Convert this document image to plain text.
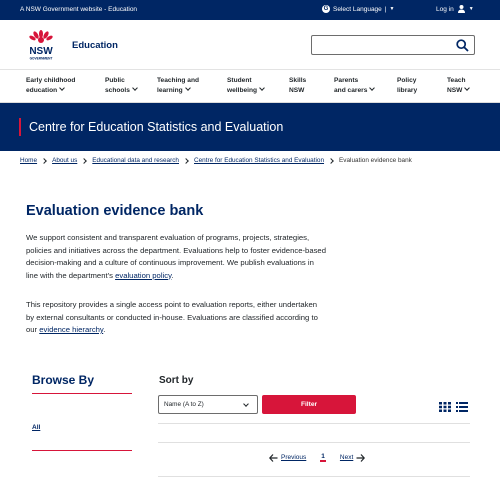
A NSW Government website - Education	G Select Language | ▼	Log in	▼
NSW
GOVERNMENT
Education
Early childhood
education
Public
schools
Teaching and
learning
Student
wellbeing
Skills
NSW
Parents
and carers
Policy
library
Teach
NSW
Centre for Education Statistics and Evaluation
Home About us Educational data and research Centre for Education Statistics and Evaluation Evaluation evidence bank
Evaluation evidence bank

We support consistent and transparent evaluation of programs, projects, strategies, policies and initiatives across the department. Evaluations help to foster evidence-based decision-making and a culture of continuous improvement. We publish evaluations in line with the department's evaluation policy.

This repository provides a single access point to evaluation reports, either undertaken by external consultants or conducted in-house. Evaluations are classified according to our evidence hierarchy.

Browse By
All
Sort by
Name (A to Z)	Filter
Previous 1 Next
